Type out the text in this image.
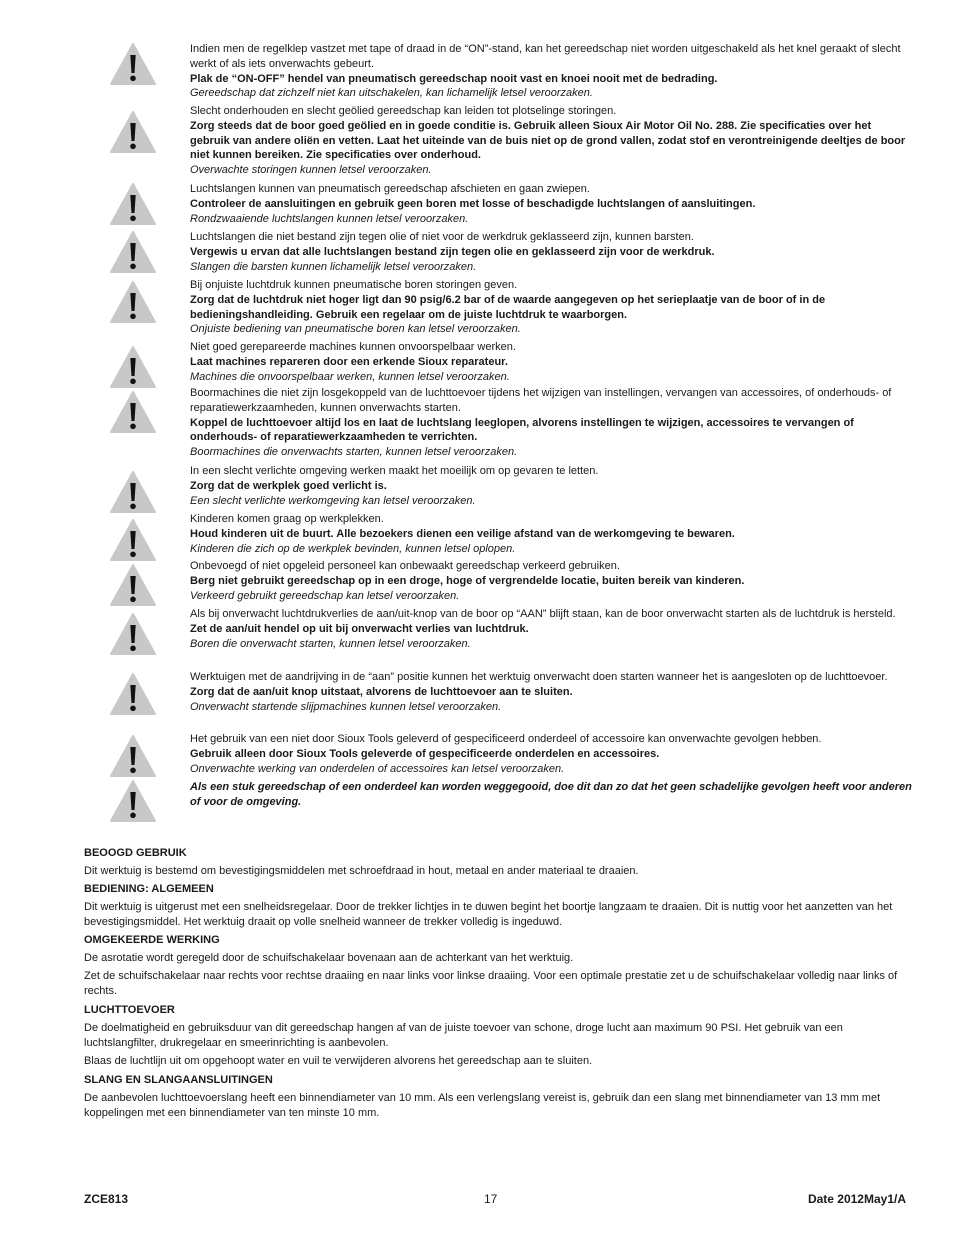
Indien men de regelklep vastzet met tape of draad in de “ON”-stand, kan het gereedschap niet worden uitgeschakeld als het knel geraakt of slecht werkt of als iets onverwachts gebeurt.

Plak de “ON-OFF” hendel van pneumatisch gereedschap nooit vast en knoei nooit met de bedrading.

Gereedschap dat zichzelf niet kan uitschakelen, kan lichamelijk letsel veroorzaken.

Slecht onderhouden en slecht geölied gereedschap kan leiden tot plotselinge storingen.

Zorg steeds dat de boor goed geölied en in goede conditie is. Gebruik alleen Sioux Air Motor Oil No. 288. Zie specificaties over het gebruik van andere oliën en vetten. Laat het uiteinde van de buis niet op de grond vallen, zodat stof en verontreinigende deeltjes de boor niet kunnen bereiken. Zie specificaties over onderhoud.

Overwachte storingen kunnen letsel veroorzaken.

Luchtslangen kunnen van pneumatisch gereedschap afschieten en gaan zwiepen.

Controleer de aansluitingen en gebruik geen boren met losse of beschadigde luchtslangen of aansluitingen.

Rondzwaaiende luchtslangen kunnen letsel veroorzaken.

Luchtslangen die niet bestand zijn tegen olie of niet voor de werkdruk geklasseerd zijn, kunnen barsten.

Vergewis u ervan dat alle luchtslangen bestand zijn tegen olie en geklasseerd zijn voor de werkdruk.

Slangen die barsten kunnen lichamelijk letsel veroorzaken.

Bij onjuiste luchtdruk kunnen pneumatische boren storingen geven.

Zorg dat de luchtdruk niet hoger ligt dan 90 psig/6.2 bar of de waarde aangegeven op het serieplaatje van de boor of in de bedieningshandleiding. Gebruik een regelaar om de juiste luchtdruk te waarborgen.

Onjuiste bediening van pneumatische boren kan letsel veroorzaken.

Niet goed gerepareerde machines kunnen onvoorspelbaar werken.

Laat machines repareren door een erkende Sioux reparateur.

Machines die onvoorspelbaar werken, kunnen letsel veroorzaken.

Boormachines die niet zijn losgekoppeld van de luchttoevoer tijdens het wijzigen van instellingen, vervangen van accessoires, of onderhouds- of reparatiewerkzaamheden, kunnen onverwachts starten.

Koppel de luchttoevoer altijd los en laat de luchtslang leeglopen, alvorens instellingen te wijzigen, accessoires te vervangen of onderhouds- of reparatiewerkzaamheden te verrichten.

Boormachines die onverwachts starten, kunnen letsel veroorzaken.

In een slecht verlichte omgeving werken maakt het moeilijk om op gevaren te letten.

Zorg dat de werkplek goed verlicht is.

Een slecht verlichte werkomgeving kan letsel veroorzaken.

Kinderen komen graag op werkplekken.

Houd kinderen uit de buurt. Alle bezoekers dienen een veilige afstand van de werkomgeving te bewaren.

Kinderen die zich op de werkplek bevinden, kunnen letsel oplopen.

Onbevoegd of niet opgeleid personeel kan onbewaakt gereedschap verkeerd gebruiken.

Berg niet gebruikt gereedschap op in een droge, hoge of vergrendelde locatie, buiten bereik van kinderen.

Verkeerd gebruikt gereedschap kan letsel veroorzaken.

Als bij onverwacht luchtdrukverlies de aan/uit-knop van de boor op “AAN” blijft staan, kan de boor onverwacht starten als de luchtdruk is hersteld.

Zet de aan/uit hendel op uit bij onverwacht verlies van luchtdruk.

Boren die onverwacht starten, kunnen letsel veroorzaken.

Werktuigen met de aandrijving in de “aan” positie kunnen het werktuig onverwacht doen starten wanneer het is aangesloten op de luchttoevoer.

Zorg dat de aan/uit knop uitstaat, alvorens de luchttoevoer aan te sluiten.

Onverwacht startende slijpmachines kunnen letsel veroorzaken.

Het gebruik van een niet door Sioux Tools geleverd of gespecificeerd onderdeel of accessoire kan onverwachte gevolgen hebben.

Gebruik alleen door Sioux Tools geleverde of gespecificeerde onderdelen en accessoires.

Onverwachte werking van onderdelen of accessoires kan letsel veroorzaken.

Als een stuk gereedschap of een onderdeel kan worden weggegooid, doe dit dan zo dat het geen schadelijke gevolgen heeft voor anderen of voor de omgeving.

BEOOGD GEBRUIK

Dit werktuig is bestemd om bevestigingsmiddelen met schroefdraad in hout, metaal en ander materiaal te draaien.

BEDIENING: ALGEMEEN

Dit werktuig is uitgerust met een snelheidsregelaar. Door de trekker lichtjes in te duwen begint het boortje langzaam te draaien. Dit is nuttig voor het aanzetten van het bevestigingsmiddel. Het werktuig draait op volle snelheid wanneer de trekker volledig is ingeduwd.

OMGEKEERDE WERKING

De asrotatie wordt geregeld door de schuifschakelaar bovenaan aan de achterkant van het werktuig.

Zet de schuifschakelaar naar rechts voor rechtse draaiing en naar links voor linkse draaiing. Voor een optimale prestatie zet u de schuifschakelaar volledig naar links of rechts.

LUCHTTOEVOER

De doelmatigheid en gebruiksduur van dit gereedschap hangen af van de juiste toevoer van schone, droge lucht aan maximum 90 PSI. Het gebruik van een luchtslangfilter, drukregelaar en smeerinrichting is aanbevolen.

Blaas de luchtlijn uit om opgehoopt water en vuil te verwijderen alvorens het gereedschap aan te sluiten.

SLANG EN SLANGAANSLUITINGEN

De aanbevolen luchttoevoerslang heeft een binnendiameter van 10 mm. Als een verlengslang vereist is, gebruik dan een slang met binnendiameter van 13 mm met koppelingen met een binnendiameter van ten minste 10 mm.

ZCE813	17	Date 2012May1/A
